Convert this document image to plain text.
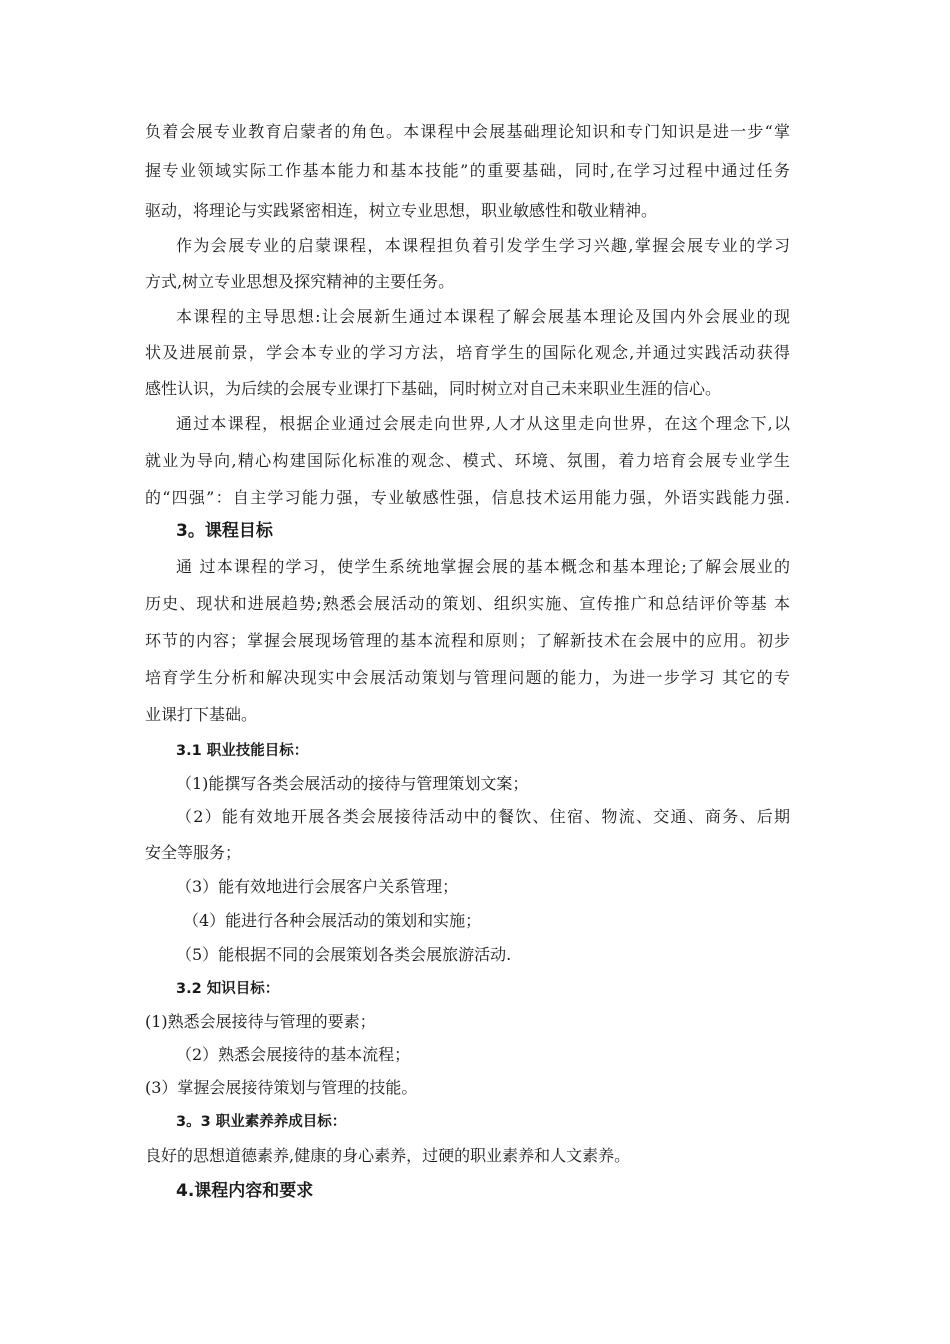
负着会展专业教育启蒙者的角色。本课程中会展基础理论知识和专门知识是进一步“掌
握专业领域实际工作基本能力和基本技能”的重要基础，同时,在学习过程中通过任务
驱动，将理论与实践紧密相连，树立专业思想，职业敏感性和敬业精神。
作为会展专业的启蒙课程，本课程担负着引发学生学习兴趣,掌握会展专业的学习
方式,树立专业思想及探究精神的主要任务。
本课程的主导思想:让会展新生通过本课程了解会展基本理论及国内外会展业的现
状及进展前景，学会本专业的学习方法，培育学生的国际化观念,并通过实践活动获得
感性认识，为后续的会展专业课打下基础，同时树立对自己未来职业生涯的信心。
通过本课程，根据企业通过会展走向世界,人才从这里走向世界，在这个理念下,以
就业为导向,精心构建国际化标准的观念、模式、环境、氛围，着力培育会展专业学生
的“四强”：自主学习能力强，专业敏感性强，信息技术运用能力强，外语实践能力强.
3。课程目标
通 过本课程的学习，使学生系统地掌握会展的基本概念和基本理论;了解会展业的
历史、现状和进展趋势;熟悉会展活动的策划、组织实施、宣传推广和总结评价等基 本
环节的内容；掌握会展现场管理的基本流程和原则；了解新技术在会展中的应用。初步
培育学生分析和解决现实中会展活动策划与管理问题的能力，为进一步学习 其它的专
业课打下基础。
3.1 职业技能目标：
（1)能撰写各类会展活动的接待与管理策划文案；
（2）能有效地开展各类会展接待活动中的餐饮、住宿、物流、交通、商务、后期
安全等服务；
（3）能有效地进行会展客户关系管理；
（4）能进行各种会展活动的策划和实施；
（5）能根据不同的会展策划各类会展旅游活动.
3.2 知识目标：
(1)熟悉会展接待与管理的要素；
（2）熟悉会展接待的基本流程；
(3）掌握会展接待策划与管理的技能。
3。3 职业素养养成目标：
良好的思想道德素养,健康的身心素养，过硬的职业素养和人文素养。
4.课程内容和要求
